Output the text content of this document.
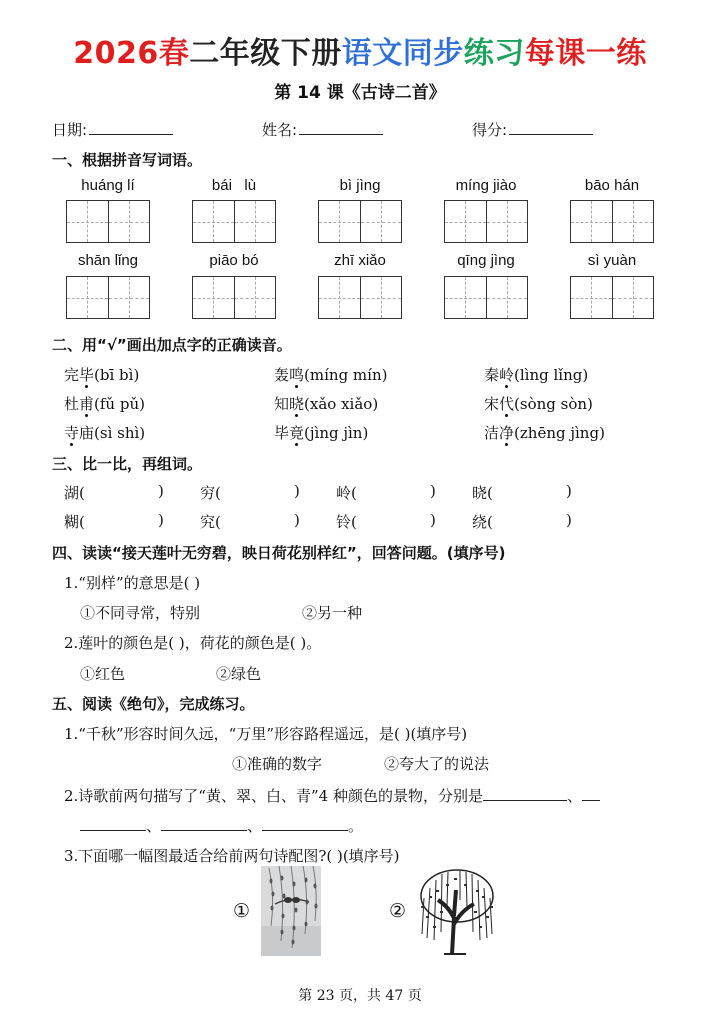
2026春二年级下册语文同步练习每课一练
第 14 课《古诗二首》
日期:	姓名:	得分:
一、根据拼音写词语。
huáng lí	bái   lù	bì jìng	míng jiào	bāo hán
shān lǐng	piāo bó	zhī xiǎo	qīng jìng	sì yuàn
二、用“√”画出加点字的正确读音。
完毕(bī bì)	轰鸣(míng mín)	秦岭(lìng lǐng)
杜甫(fǔ pǔ)	知晓(xǎo xiǎo)	宋代(sòng sòn)
寺庙(sì shì)	毕竟(jìng jìn)	洁净(zhēng jìng)
三、比一比，再组词。
湖(	) 穷(	) 岭(	) 晓(	)
糊(	) 究(	) 铃(	) 绕(	)
四、读读“接天莲叶无穷碧，映日荷花别样红”，回答问题。(填序号)
1.“别样”的意思是( )
①不同寻常，特别	②另一种
2.莲叶的颜色是( )，荷花的颜色是( )。
①红色	②绿色
五、阅读《绝句》，完成练习。
1.“千秋”形容时间久远，“万里”形容路程遥远，是( )(填序号)
①准确的数字	②夸大了的说法
2.诗歌前两句描写了“黄、翠、白、青”4 种颜色的景物，分别是	、
、	、	。
3.下面哪一幅图最适合给前两句诗配图?( )(填序号)
①	②
第 23 页，共 47 页
